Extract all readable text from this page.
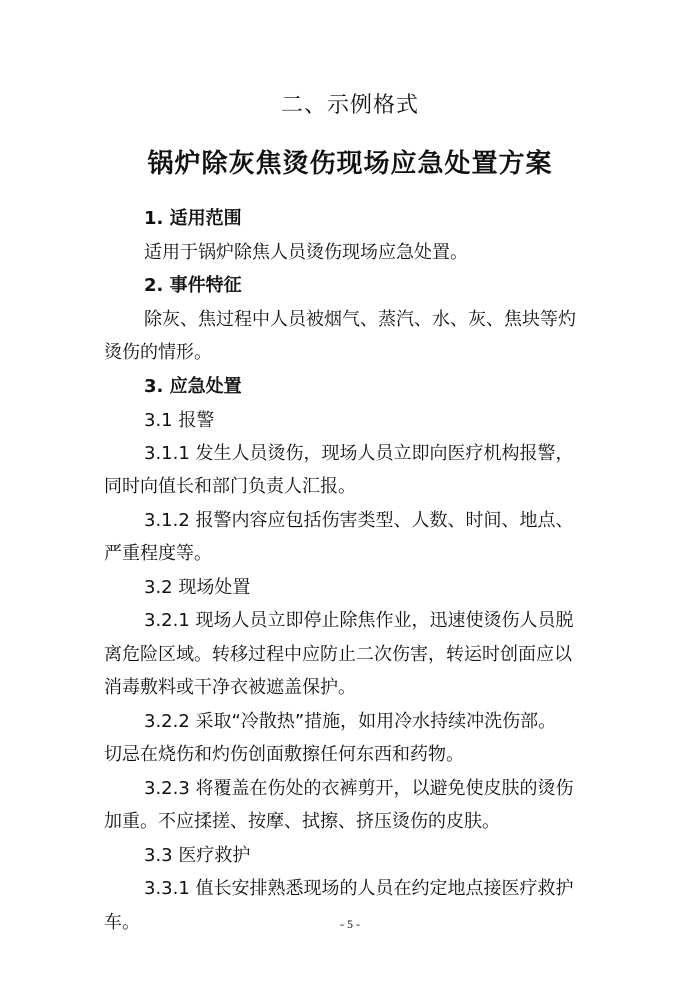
二、示例格式
锅炉除灰焦烫伤现场应急处置方案
1. 适用范围
适用于锅炉除焦人员烫伤现场应急处置。
2. 事件特征
除灰、焦过程中人员被烟气、蒸汽、水、灰、焦块等灼
烫伤的情形。
3. 应急处置
3.1 报警
3.1.1 发生人员烫伤，现场人员立即向医疗机构报警，
同时向值长和部门负责人汇报。
3.1.2 报警内容应包括伤害类型、人数、时间、地点、
严重程度等。
3.2 现场处置
3.2.1 现场人员立即停止除焦作业，迅速使烫伤人员脱
离危险区域。转移过程中应防止二次伤害，转运时创面应以
消毒敷料或干净衣被遮盖保护。
3.2.2 采取“冷散热”措施，如用冷水持续冲洗伤部。
切忌在烧伤和灼伤创面敷擦任何东西和药物。
3.2.3 将覆盖在伤处的衣裤剪开，以避免使皮肤的烫伤
加重。不应揉搓、按摩、拭擦、挤压烫伤的皮肤。
3.3 医疗救护
3.3.1 值长安排熟悉现场的人员在约定地点接医疗救护
车。	- 5 -
